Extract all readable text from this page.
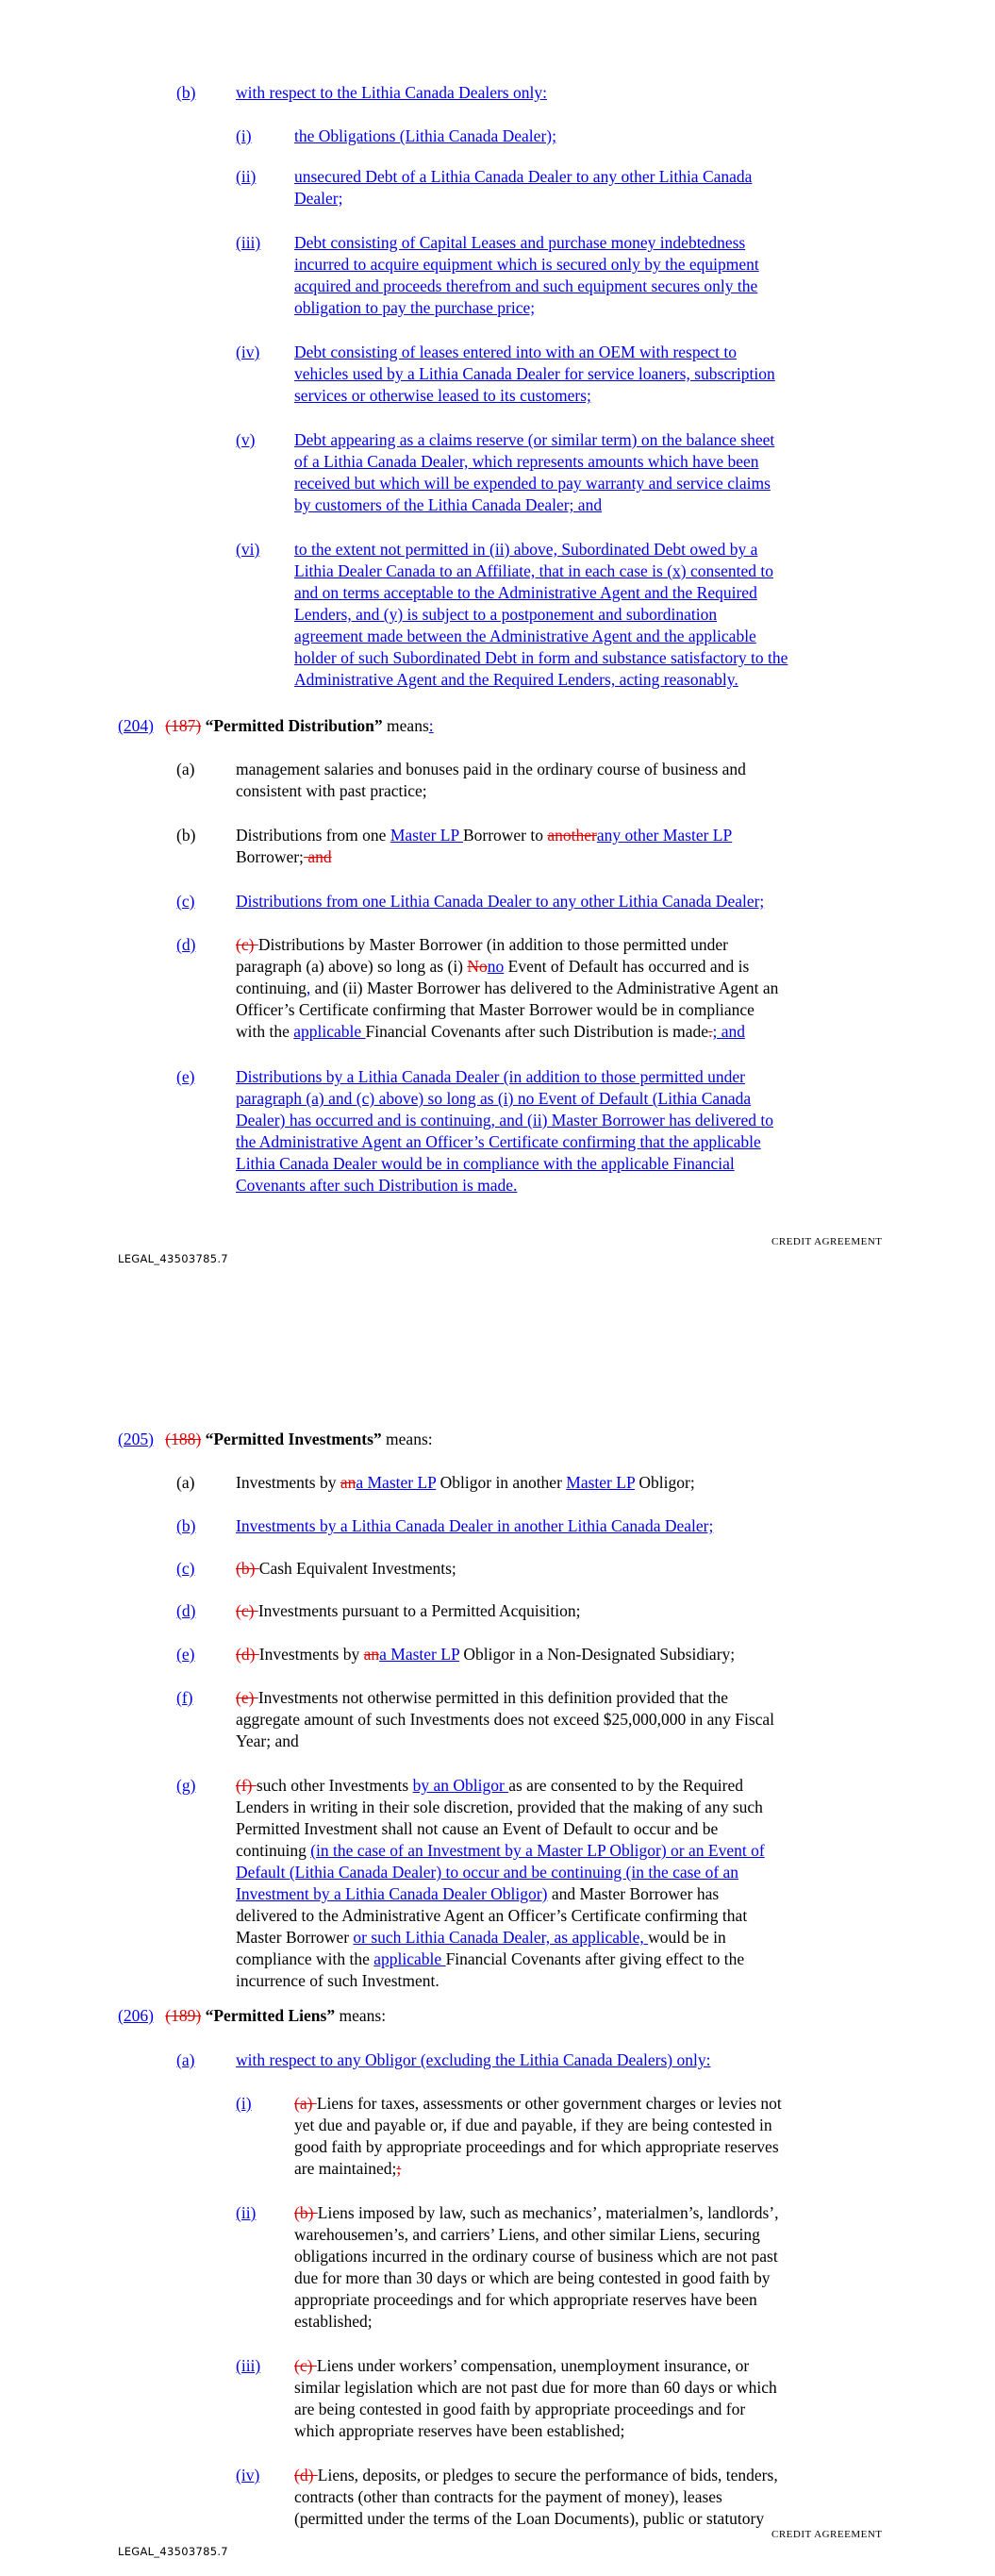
(b) with respect to the Lithia Canada Dealers only:
(i)	the Obligations (Lithia Canada Dealer);
(ii) unsecured Debt of a Lithia Canada Dealer to any other Lithia Canada
Dealer;
(iii) Debt consisting of Capital Leases and purchase money indebtedness
incurred to acquire equipment which is secured only by the equipment
acquired and proceeds therefrom and such equipment secures only the
obligation to pay the purchase price;
(iv) Debt consisting of leases entered into with an OEM with respect to
vehicles used by a Lithia Canada Dealer for service loaners, subscription
services or otherwise leased to its customers;
(v) Debt appearing as a claims reserve (or similar term) on the balance sheet
of a Lithia Canada Dealer, which represents amounts which have been
received but which will be expended to pay warranty and service claims
by customers of the Lithia Canada Dealer; and
(vi) to the extent not permitted in (ii) above, Subordinated Debt owed by a
Lithia Dealer Canada to an Affiliate, that in each case is (x) consented to
and on terms acceptable to the Administrative Agent and the Required
Lenders, and (y) is subject to a postponement and subordination
agreement made between the Administrative Agent and the applicable
holder of such Subordinated Debt in form and substance satisfactory to the
Administrative Agent and the Required Lenders, acting reasonably.
(204) (187) “Permitted Distribution” means:
(a) management salaries and bonuses paid in the ordinary course of business and
consistent with past practice;
(b) Distributions from one Master LP Borrower to anotherany other Master LP
Borrower; and
(c) Distributions from one Lithia Canada Dealer to any other Lithia Canada Dealer;
(d) (c) Distributions by Master Borrower (in addition to those permitted under
paragraph (a) above) so long as (i) Nono Event of Default has occurred and is
continuing, and (ii) Master Borrower has delivered to the Administrative Agent an
Officer’s Certificate confirming that Master Borrower would be in compliance
with the applicable Financial Covenants after such Distribution is made.; and
(e) Distributions by a Lithia Canada Dealer (in addition to those permitted under
paragraph (a) and (c) above) so long as (i) no Event of Default (Lithia Canada
Dealer) has occurred and is continuing, and (ii) Master Borrower has delivered to
the Administrative Agent an Officer’s Certificate confirming that the applicable
Lithia Canada Dealer would be in compliance with the applicable Financial
Covenants after such Distribution is made.
CREDIT AGREEMENT
LEGAL_43503785.7
(205) (188) “Permitted Investments” means:
(a) Investments by ana Master LP Obligor in another Master LP Obligor;
(b) Investments by a Lithia Canada Dealer in another Lithia Canada Dealer;
(c) (b) Cash Equivalent Investments;
(d) (c) Investments pursuant to a Permitted Acquisition;
(e) (d) Investments by ana Master LP Obligor in a Non-Designated Subsidiary;
(f)	(e) Investments not otherwise permitted in this definition provided that the
aggregate amount of such Investments does not exceed $25,000,000 in any Fiscal
Year; and
(g) (f) such other Investments by an Obligor as are consented to by the Required
Lenders in writing in their sole discretion, provided that the making of any such
Permitted Investment shall not cause an Event of Default to occur and be
continuing (in the case of an Investment by a Master LP Obligor) or an Event of
Default (Lithia Canada Dealer) to occur and be continuing (in the case of an
Investment by a Lithia Canada Dealer Obligor) and Master Borrower has
delivered to the Administrative Agent an Officer’s Certificate confirming that
Master Borrower or such Lithia Canada Dealer, as applicable, would be in
compliance with the applicable Financial Covenants after giving effect to the
incurrence of such Investment.
(206) (189) “Permitted Liens” means:
(a) with respect to any Obligor (excluding the Lithia Canada Dealers) only:
(i)	(a) Liens for taxes, assessments or other government charges or levies not
yet due and payable or, if due and payable, if they are being contested in
good faith by appropriate proceedings and for which appropriate reserves
are maintained;;
(ii) (b) Liens imposed by law, such as mechanics’, materialmen’s, landlords’,
warehousemen’s, and carriers’ Liens, and other similar Liens, securing
obligations incurred in the ordinary course of business which are not past
due for more than 30 days or which are being contested in good faith by
appropriate proceedings and for which appropriate reserves have been
established;
(iii) (c) Liens under workers’ compensation, unemployment insurance, or
similar legislation which are not past due for more than 60 days or which
are being contested in good faith by appropriate proceedings and for
which appropriate reserves have been established;
(iv) (d) Liens, deposits, or pledges to secure the performance of bids, tenders,
contracts (other than contracts for the payment of money), leases
(permitted under the terms of the Loan Documents), public or statutory
CREDIT AGREEMENT
LEGAL_43503785.7
